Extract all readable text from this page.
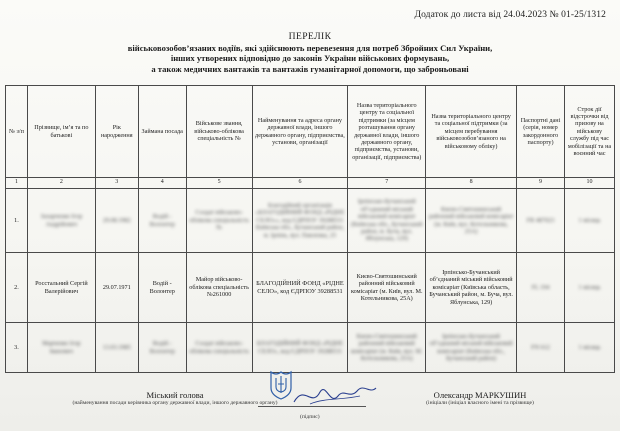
Додаток до листа від 24.04.2023 № 01-25/1312
ПЕРЕЛІК
військовозобов’язаних водіїв, які здійснюють перевезення для потреб Збройних Сил України,
інших утворених відповідно до законів України військових формувань,
а також медичних вантажів та вантажів гуманітарної допомоги, що заброньовані
№ з/п	Прізвище, ім’я та по батькові	Рік народження	Займана посада	Військове звання, військово-облікова спеціальність №	Найменування та адреса органу державної влади, іншого державного органу, підприємства, установи, організації	Назва територіального центру та соціальної підтримки (за місцем розташування органу державної влади, іншого державного органу, підприємства, установи, організації, підприємства)	Назва територіального центру та соціальної підтримки (за місцем перебування військовозобов’язаного на військовому обліку)	Паспортні дані (серія, номер закордонного паспорту)	Строк дії відстрочки від призову на військову службу під час мобілізації та на воєнний час
1	2	3	4	5	6	7	8	9	10
1.	Захарченко Ігор Андрійович	29.08.1982	Водій - Волонтер	Солдат військово-облікова спеціальність №	Благодійний організація «БЛАГОДІЙНИЙ ФОНД «РІДНЕ СЕЛО»», код ЄДРПОУ 39288531 Київська обл., Бучанський район, м. Ірпінь, вул. Павленка, 25	Ірпінсько-Бучанський об’єднаний міський військовий комісаріат (Київська обл., Бучанський район, м. Буча, вул. Яблунська, 129)	Києво-Святошинський районний військовий комісаріат (м. Київ, вул. Котельникова, 25А)	FR 487023	1 місяць
2.	Росстальний Сергій Валерійович	29.07.1971	Водій - Волонтер	Майор військово-облікова спеціальність №261000	БЛАГОДІЙНИЙ ФОНД «РІДНЕ СЕЛО», код ЄДРПОУ 39288531	Києво-Святошинський районний військовий комісаріат (м. Київ, вул. М. Котельникова, 25А)	Ірпінсько-Бучанський об’єднаний міський військовий комісаріат (Київська область, Бучанський район, м. Буча, вул. Яблунська, 129)	FL 194	1 місяць
3.	Марченко Ігор Іванович	13.03.1985	Водій - Волонтер	Солдат військово-облікова спеціальність	БЛАГОДІЙНИЙ ФОНД «РІДНЕ СЕЛО», код ЄДРПОУ 39288531	Києво-Святошинський районний військовий комісаріат (м. Київ, вул. М. Котельникова, 25А)	Ірпінсько-Бучанський об’єднаний міський військовий комісаріат (Київська обл., Бучанський район)	FN 612	1 місяць
Міський голова
(найменування посади керівника органу державної влади, іншого державного органу)
(підпис)
Олександр МАРКУШИН
(ініціали (ініціал власного імені та прізвище)
